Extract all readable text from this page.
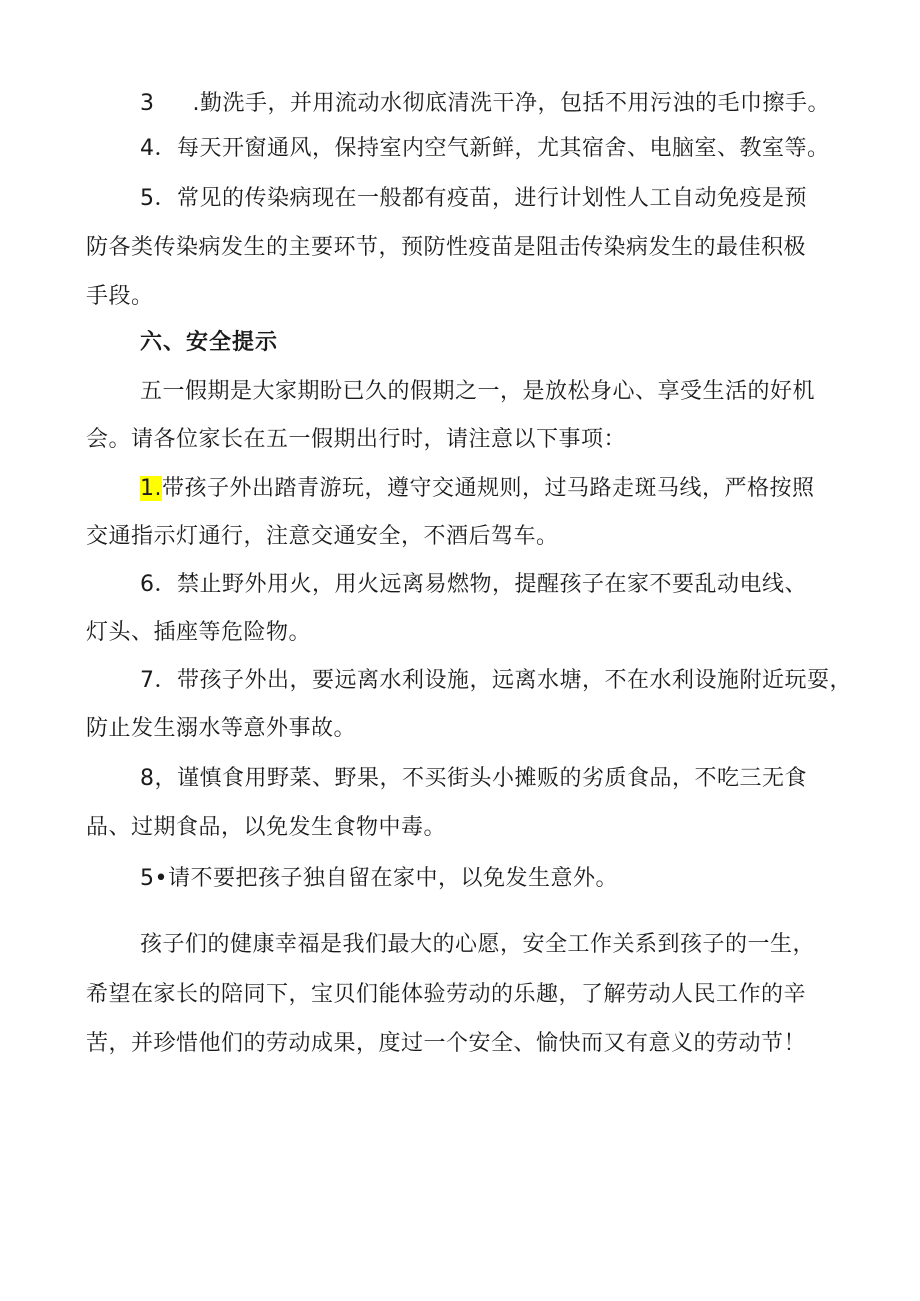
3 .勤洗手，并用流动水彻底清洗干净，包括不用污浊的毛巾擦手。
4．每天开窗通风，保持室内空气新鲜，尤其宿舍、电脑室、教室等。
5．常见的传染病现在一般都有疫苗，进行计划性人工自动免疫是预
防各类传染病发生的主要环节，预防性疫苗是阻击传染病发生的最佳积极
手段。
六、安全提示
五一假期是大家期盼已久的假期之一，是放松身心、享受生活的好机
会。请各位家长在五一假期出行时，请注意以下事项：
1.带孩子外出踏青游玩，遵守交通规则，过马路走斑马线，严格按照
交通指示灯通行，注意交通安全，不酒后驾车。
6．禁止野外用火，用火远离易燃物，提醒孩子在家不要乱动电线、
灯头、插座等危险物。
7．带孩子外出，要远离水利设施，远离水塘，不在水利设施附近玩耍，
防止发生溺水等意外事故。
8，谨慎食用野菜、野果，不买街头小摊贩的劣质食品，不吃三无食
品、过期食品，以免发生食物中毒。
5•请不要把孩子独自留在家中，以免发生意外。
孩子们的健康幸福是我们最大的心愿，安全工作关系到孩子的一生，
希望在家长的陪同下，宝贝们能体验劳动的乐趣，了解劳动人民工作的辛
苦，并珍惜他们的劳动成果，度过一个安全、愉快而又有意义的劳动节！
